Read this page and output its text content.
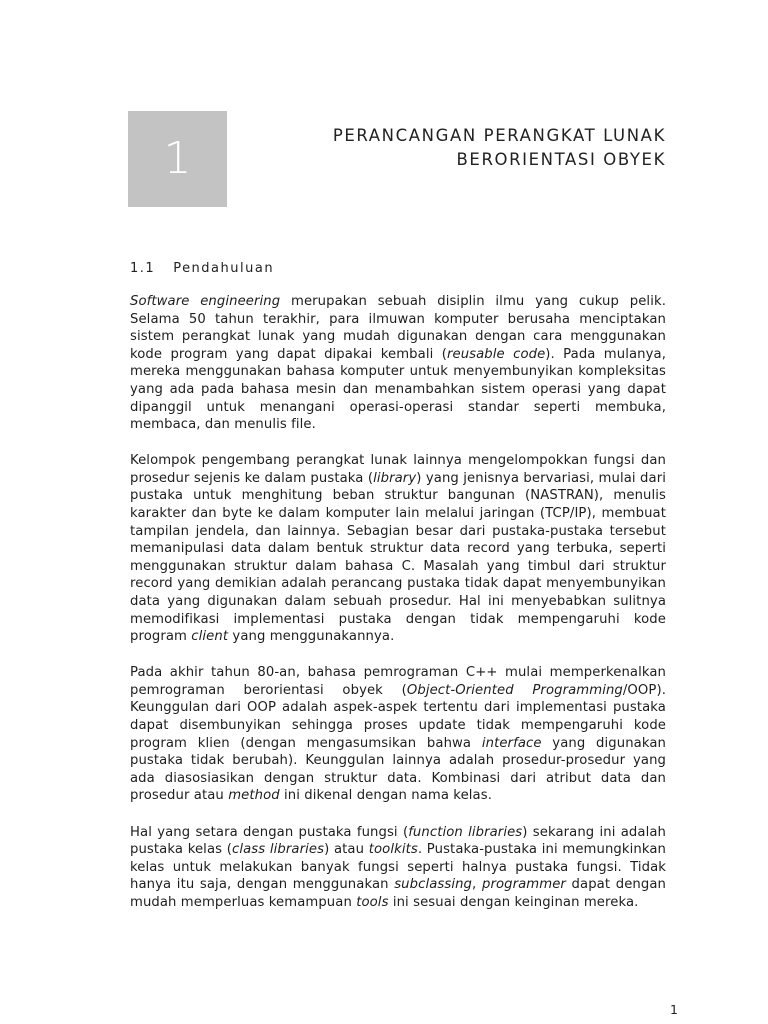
1	PERANCANGAN PERANGKAT LUNAK
BERORIENTASI OBYEK
1.1 Pendahuluan

Software engineering merupakan sebuah disiplin ilmu yang cukup pelik. Selama 50 tahun terakhir, para ilmuwan komputer berusaha menciptakan sistem perangkat lunak yang mudah digunakan dengan cara menggunakan kode program yang dapat dipakai kembali (reusable code). Pada mulanya, mereka menggunakan bahasa komputer untuk menyembunyikan kompleksitas yang ada pada bahasa mesin dan menambahkan sistem operasi yang dapat dipanggil untuk menangani operasi-operasi standar seperti membuka, membaca, dan menulis file.

Kelompok pengembang perangkat lunak lainnya mengelompokkan fungsi dan prosedur sejenis ke dalam pustaka (library) yang jenisnya bervariasi, mulai dari pustaka untuk menghitung beban struktur bangunan (NASTRAN), menulis karakter dan byte ke dalam komputer lain melalui jaringan (TCP/IP), membuat tampilan jendela, dan lainnya. Sebagian besar dari pustaka-pustaka tersebut memanipulasi data dalam bentuk struktur data record yang terbuka, seperti menggunakan struktur dalam bahasa C. Masalah yang timbul dari struktur record yang demikian adalah perancang pustaka tidak dapat menyembunyikan data yang digunakan dalam sebuah prosedur. Hal ini menyebabkan sulitnya memodifikasi implementasi pustaka dengan tidak mempengaruhi kode program client yang menggunakannya.

Pada akhir tahun 80-an, bahasa pemrograman C++ mulai memperkenalkan pemrograman berorientasi obyek (Object-Oriented Programming/OOP). Keunggulan dari OOP adalah aspek-aspek tertentu dari implementasi pustaka dapat disembunyikan sehingga proses update tidak mempengaruhi kode program klien (dengan mengasumsikan bahwa interface yang digunakan pustaka tidak berubah). Keunggulan lainnya adalah prosedur-prosedur yang ada diasosiasikan dengan struktur data. Kombinasi dari atribut data dan prosedur atau method ini dikenal dengan nama kelas.

Hal yang setara dengan pustaka fungsi (function libraries) sekarang ini adalah pustaka kelas (class libraries) atau toolkits. Pustaka-pustaka ini memungkinkan kelas untuk melakukan banyak fungsi seperti halnya pustaka fungsi. Tidak hanya itu saja, dengan menggunakan subclassing, programmer dapat dengan mudah memperluas kemampuan tools ini sesuai dengan keinginan mereka.

1
